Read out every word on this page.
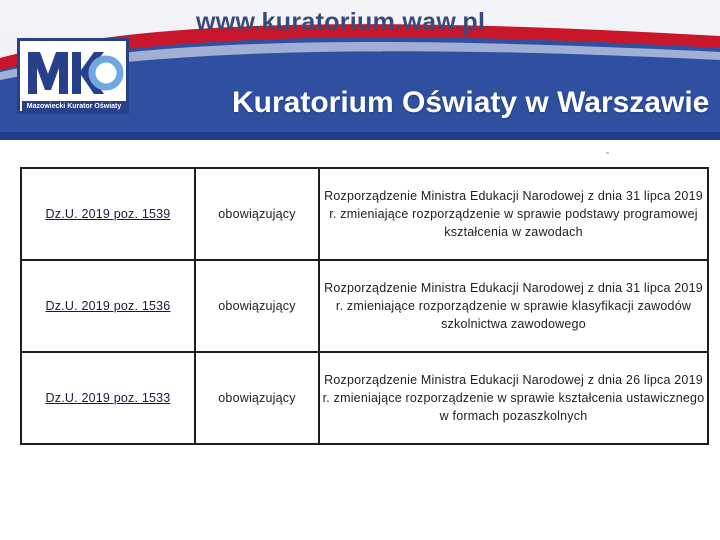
www.kuratorium.waw.pl
Mazowiecki Kurator Oświaty	Kuratorium Oświaty w Warszawie
Dz.U. 2019 poz. 1539	obowiązujący	Rozporządzenie Ministra Edukacji Narodowej z dnia 31 lipca 2019 r. zmieniające rozporządzenie w sprawie podstawy programowej kształcenia w zawodach
Dz.U. 2019 poz. 1536	obowiązujący	Rozporządzenie Ministra Edukacji Narodowej z dnia 31 lipca 2019 r. zmieniające rozporządzenie w sprawie klasyfikacji zawodów szkolnictwa zawodowego
Dz.U. 2019 poz. 1533	obowiązujący	Rozporządzenie Ministra Edukacji Narodowej z dnia 26 lipca 2019 r. zmieniające rozporządzenie w sprawie kształcenia ustawicznego w formach pozaszkolnych
